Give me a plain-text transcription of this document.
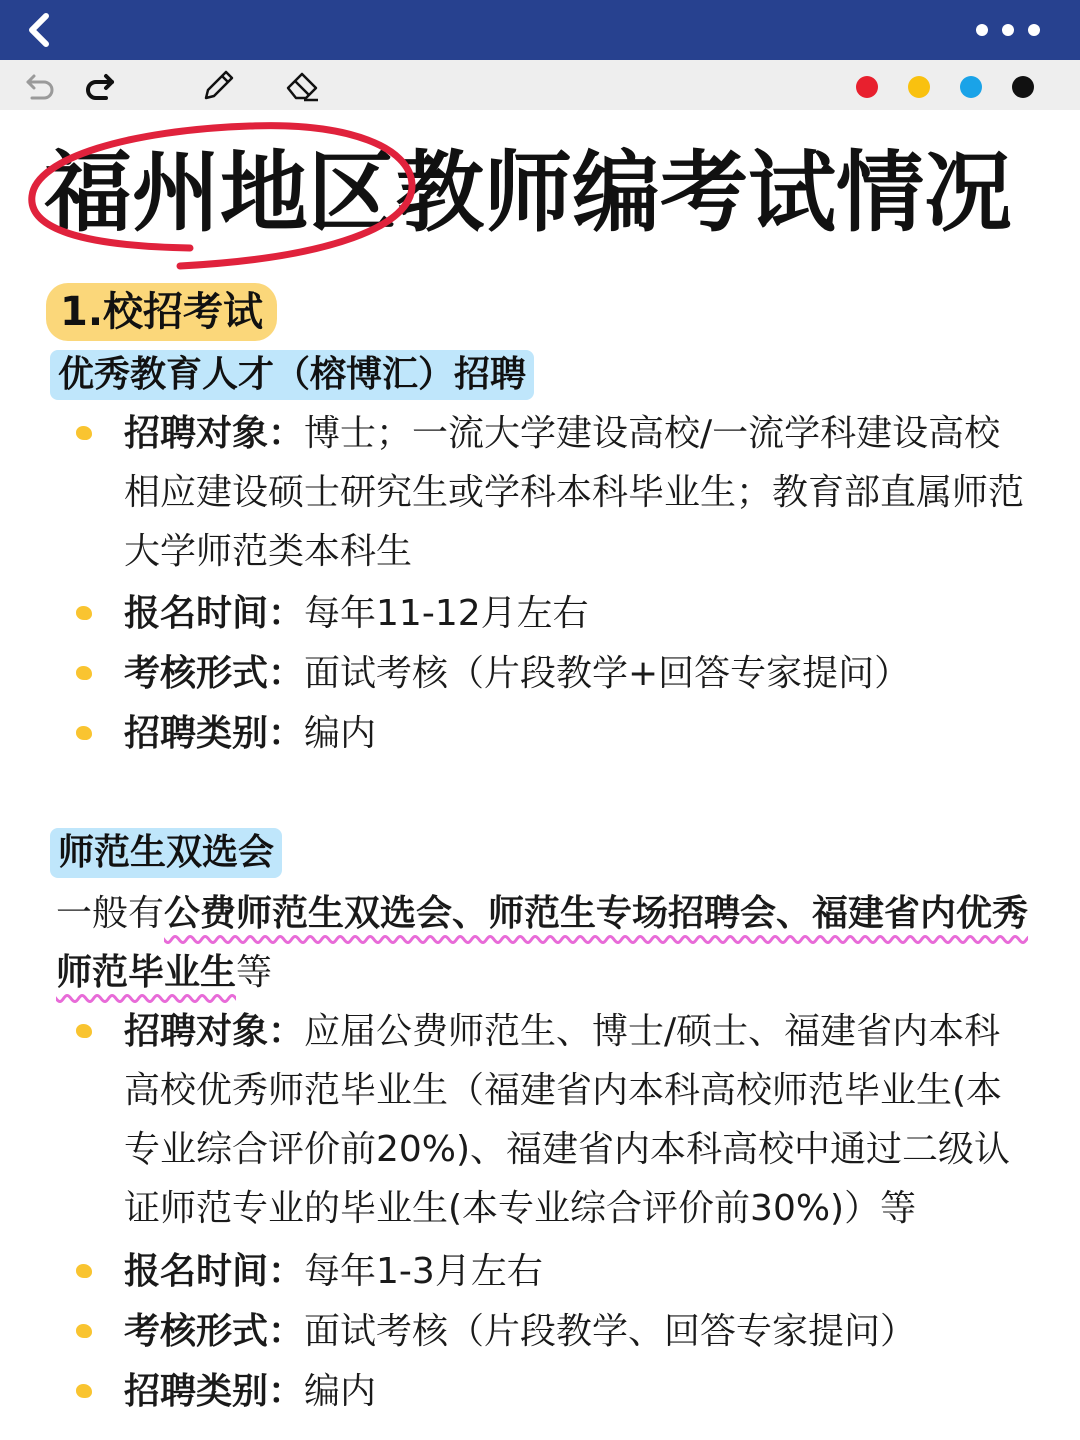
福州地区教师编考试情况
1.校招考试
优秀教育人才（榕博汇）招聘
招聘对象：博士；一流大学建设高校/一流学科建设高校相应建设硕士研究生或学科本科毕业生；教育部直属师范大学师范类本科生
报名时间：每年11-12月左右
考核形式：面试考核（片段教学+回答专家提问）
招聘类别：编内
师范生双选会
一般有公费师范生双选会、师范生专场招聘会、福建省内优秀师范毕业生等
招聘对象：应届公费师范生、博士/硕士、福建省内本科高校优秀师范毕业生（福建省内本科高校师范毕业生(本专业综合评价前20%)、福建省内本科高校中通过二级认证师范专业的毕业生(本专业综合评价前30%)）等
报名时间：每年1-3月左右
考核形式：面试考核（片段教学、回答专家提问）
招聘类别：编内
